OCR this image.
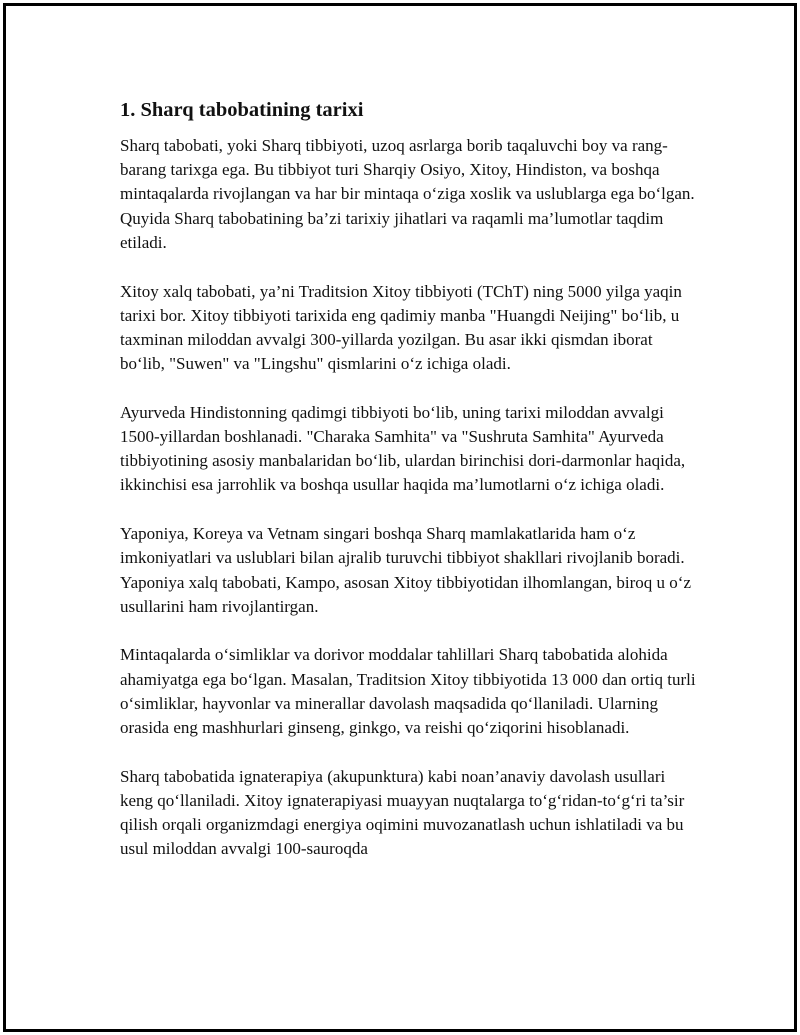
1. Sharq tabobatining tarixi

Sharq tabobati, yoki Sharq tibbiyoti, uzoq asrlarga borib taqaluvchi boy va rang-barang tarixga ega. Bu tibbiyot turi Sharqiy Osiyo, Xitoy, Hindiston, va boshqa mintaqalarda rivojlangan va har bir mintaqa o‘ziga xoslik va uslublarga ega bo‘lgan. Quyida Sharq tabobatining ba’zi tarixiy jihatlari va raqamli ma’lumotlar taqdim etiladi.

Xitoy xalq tabobati, ya’ni Traditsion Xitoy tibbiyoti (TChT) ning 5000 yilga yaqin tarixi bor. Xitoy tibbiyoti tarixida eng qadimiy manba "Huangdi Neijing" bo‘lib, u taxminan miloddan avvalgi 300-yillarda yozilgan. Bu asar ikki qismdan iborat bo‘lib, "Suwen" va "Lingshu" qismlarini o‘z ichiga oladi.

Ayurveda Hindistonning qadimgi tibbiyoti bo‘lib, uning tarixi miloddan avvalgi 1500-yillardan boshlanadi. "Charaka Samhita" va "Sushruta Samhita" Ayurveda tibbiyotining asosiy manbalaridan bo‘lib, ulardan birinchisi dori-darmonlar haqida, ikkinchisi esa jarrohlik va boshqa usullar haqida ma’lumotlarni o‘z ichiga oladi.

Yaponiya, Koreya va Vetnam singari boshqa Sharq mamlakatlarida ham o‘z imkoniyatlari va uslublari bilan ajralib turuvchi tibbiyot shakllari rivojlanib boradi. Yaponiya xalq tabobati, Kampo, asosan Xitoy tibbiyotidan ilhomlangan, biroq u o‘z usullarini ham rivojlantirgan.

Mintaqalarda o‘simliklar va dorivor moddalar tahlillari Sharq tabobatida alohida ahamiyatga ega bo‘lgan. Masalan, Traditsion Xitoy tibbiyotida 13 000 dan ortiq turli o‘simliklar, hayvonlar va minerallar davolash maqsadida qo‘llaniladi. Ularning orasida eng mashhurlari ginseng, ginkgo, va reishi qo‘ziqorini hisoblanadi.

Sharq tabobatida ignaterapiya (akupunktura) kabi noan’anaviy davolash usullari keng qo‘llaniladi. Xitoy ignaterapiyasi muayyan nuqtalarga to‘g‘ridan-to‘g‘ri ta’sir qilish orqali organizmdagi energiya oqimini muvozanatlash uchun ishlatiladi va bu usul miloddan avvalgi 100-sauroqda
